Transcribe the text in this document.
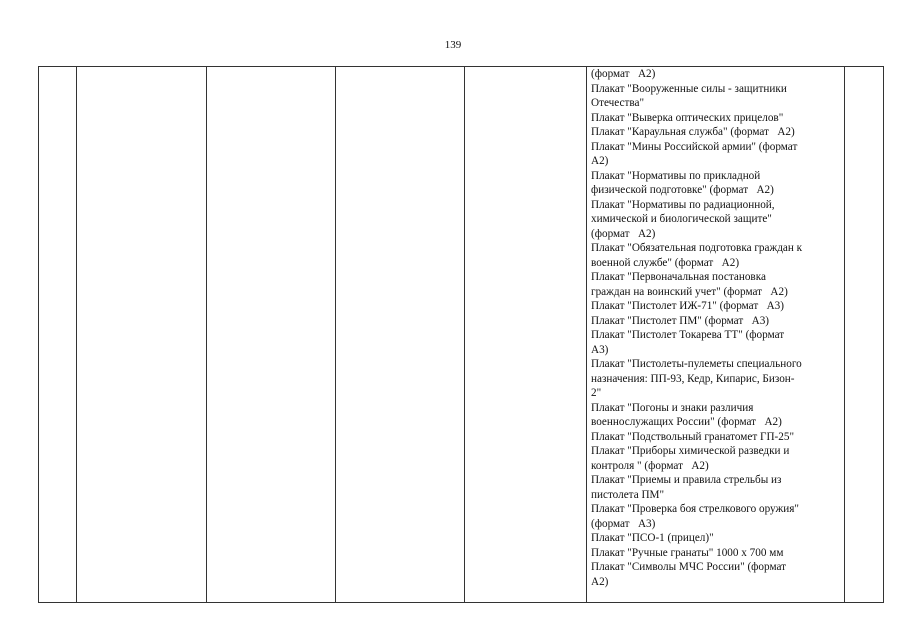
139

(формат   А2)
Плакат "Вооруженные силы - защитники
Отечества"
Плакат "Выверка оптических прицелов"
Плакат "Караульная служба" (формат   А2)
Плакат "Мины Российской армии" (формат
А2)
Плакат "Нормативы по прикладной
физической подготовке" (формат   А2)
Плакат "Нормативы по радиационной,
химической и биологической защите"
(формат   А2)
Плакат "Обязательная подготовка граждан к
военной службе" (формат   А2)
Плакат "Первоначальная постановка
граждан на воинский учет" (формат   А2)
Плакат "Пистолет ИЖ-71" (формат   А3)
Плакат "Пистолет ПМ" (формат   А3)
Плакат "Пистолет Токарева ТТ" (формат
А3)
Плакат "Пистолеты-пулеметы специального
назначения: ПП-93, Кедр, Кипарис, Бизон-
2"
Плакат "Погоны и знаки различия
военнослужащих России" (формат   А2)
Плакат "Подствольный гранатомет ГП-25"
Плакат "Приборы химической разведки и
контроля " (формат   А2)
Плакат "Приемы и правила стрельбы из
пистолета ПМ"
Плакат "Проверка боя стрелкового оружия"
(формат   А3)
Плакат "ПСО-1 (прицел)"
Плакат "Ручные гранаты" 1000 х 700 мм
Плакат "Символы МЧС России" (формат
А2)
